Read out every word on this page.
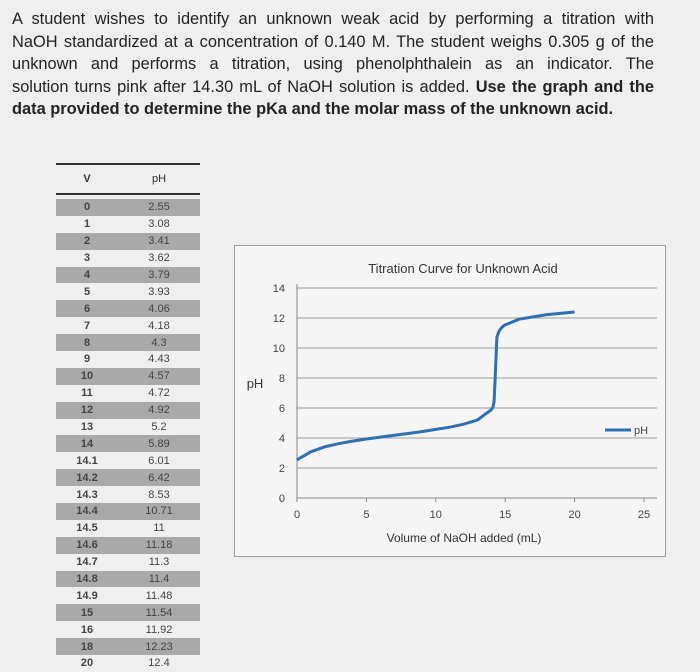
A student wishes to identify an unknown weak acid by performing a titration with
NaOH standardized at a concentration of 0.140 M. The student weighs 0.305 g of the
unknown and performs a titration, using phenolphthalein as an indicator. The
solution turns pink after 14.30 mL of NaOH solution is added. Use the graph and the
data provided to determine the pKa and the molar mass of the unknown acid.
V	pH
0	2.55
1	3.08
2	3.41
3	3.62
4	3.79
5	3.93
6	4.06
7	4.18
8	4.3
9	4.43
10	4.57
11	4.72
12	4.92
13	5.2
14	5.89
14.1	6.01
14.2	6.42
14.3	8.53
14.4	10.71
14.5	11
14.6	11.18
14.7	11.3
14.8	11.4
14.9	11.48
15	11.54
16	11.92
18	12.23
20	12.4
Titration Curve for Unknown Acid
pH
Volume of NaOH added (mL)
0
2
4
6
8
10
12
14
0	5	10	15	20	25
pH
